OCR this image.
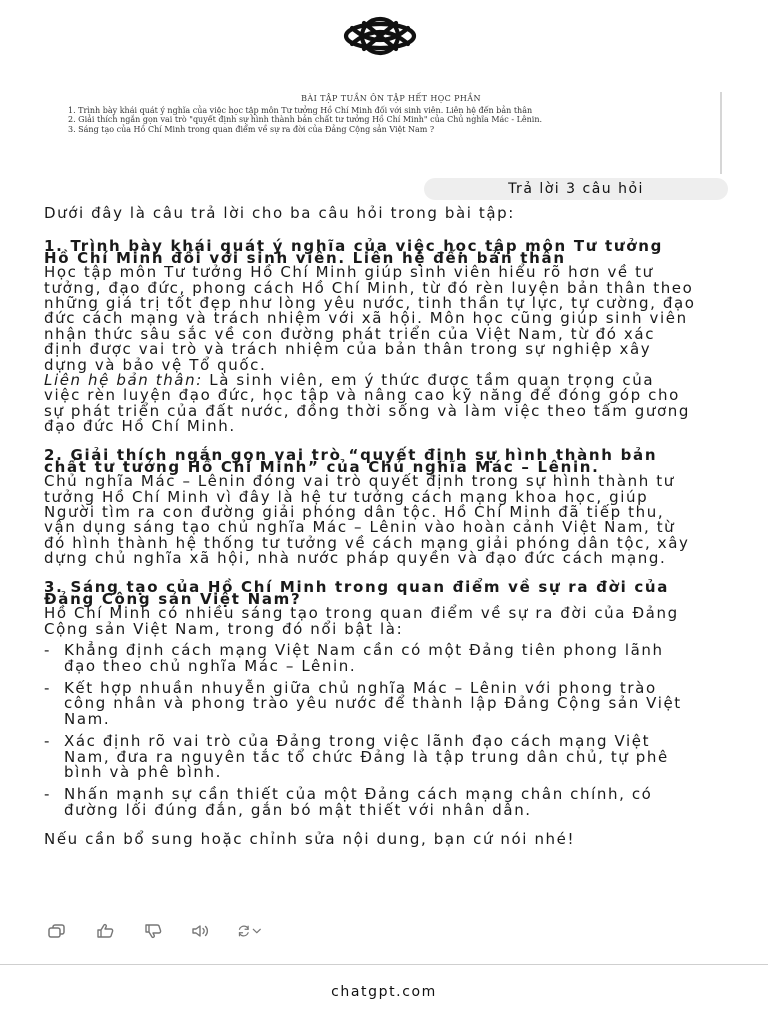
BÀI TẬP TUẦN ÔN TẬP HẾT HỌC PHẦN
1. Trình bày khái quát ý nghĩa của việc học tập môn Tư tưởng Hồ Chí Minh đối với sinh viên. Liên hệ đến bản thân
2. Giải thích ngắn gọn vai trò "quyết định sự hình thành bản chất tư tưởng Hồ Chí Minh" của Chủ nghĩa Mác - Lênin.
3. Sáng tạo của Hồ Chí Minh trong quan điểm về sự ra đời của Đảng Cộng sản Việt Nam ?
Trả lời 3 câu hỏi

Dưới đây là câu trả lời cho ba câu hỏi trong bài tập:

1. Trình bày khái quát ý nghĩa của việc học tập môn Tư tưởng Hồ Chí Minh đối với sinh viên. Liên hệ đến bản thân

Học tập môn Tư tưởng Hồ Chí Minh giúp sinh viên hiểu rõ hơn về tư tưởng, đạo đức, phong cách Hồ Chí Minh, từ đó rèn luyện bản thân theo những giá trị tốt đẹp như lòng yêu nước, tinh thần tự lực, tự cường, đạo đức cách mạng và trách nhiệm với xã hội. Môn học cũng giúp sinh viên nhận thức sâu sắc về con đường phát triển của Việt Nam, từ đó xác định được vai trò và trách nhiệm của bản thân trong sự nghiệp xây dựng và bảo vệ Tổ quốc.
Liên hệ bản thân: Là sinh viên, em ý thức được tầm quan trọng của việc rèn luyện đạo đức, học tập và nâng cao kỹ năng để đóng góp cho sự phát triển của đất nước, đồng thời sống và làm việc theo tấm gương đạo đức Hồ Chí Minh.

2. Giải thích ngắn gọn vai trò “quyết định sự hình thành bản chất tư tưởng Hồ Chí Minh” của Chủ nghĩa Mác – Lênin.

Chủ nghĩa Mác – Lênin đóng vai trò quyết định trong sự hình thành tư tưởng Hồ Chí Minh vì đây là hệ tư tưởng cách mạng khoa học, giúp Người tìm ra con đường giải phóng dân tộc. Hồ Chí Minh đã tiếp thu, vận dụng sáng tạo chủ nghĩa Mác – Lênin vào hoàn cảnh Việt Nam, từ đó hình thành hệ thống tư tưởng về cách mạng giải phóng dân tộc, xây dựng chủ nghĩa xã hội, nhà nước pháp quyền và đạo đức cách mạng.

3. Sáng tạo của Hồ Chí Minh trong quan điểm về sự ra đời của Đảng Cộng sản Việt Nam?

Hồ Chí Minh có nhiều sáng tạo trong quan điểm về sự ra đời của Đảng Cộng sản Việt Nam, trong đó nổi bật là:

- Khẳng định cách mạng Việt Nam cần có một Đảng tiên phong lãnh đạo theo chủ nghĩa Mác – Lênin.
- Kết hợp nhuần nhuyễn giữa chủ nghĩa Mác – Lênin với phong trào công nhân và phong trào yêu nước để thành lập Đảng Cộng sản Việt Nam.
- Xác định rõ vai trò của Đảng trong việc lãnh đạo cách mạng Việt Nam, đưa ra nguyên tắc tổ chức Đảng là tập trung dân chủ, tự phê bình và phê bình.
- Nhấn mạnh sự cần thiết của một Đảng cách mạng chân chính, có đường lối đúng đắn, gắn bó mật thiết với nhân dân.

Nếu cần bổ sung hoặc chỉnh sửa nội dung, bạn cứ nói nhé!

chatgpt.com
